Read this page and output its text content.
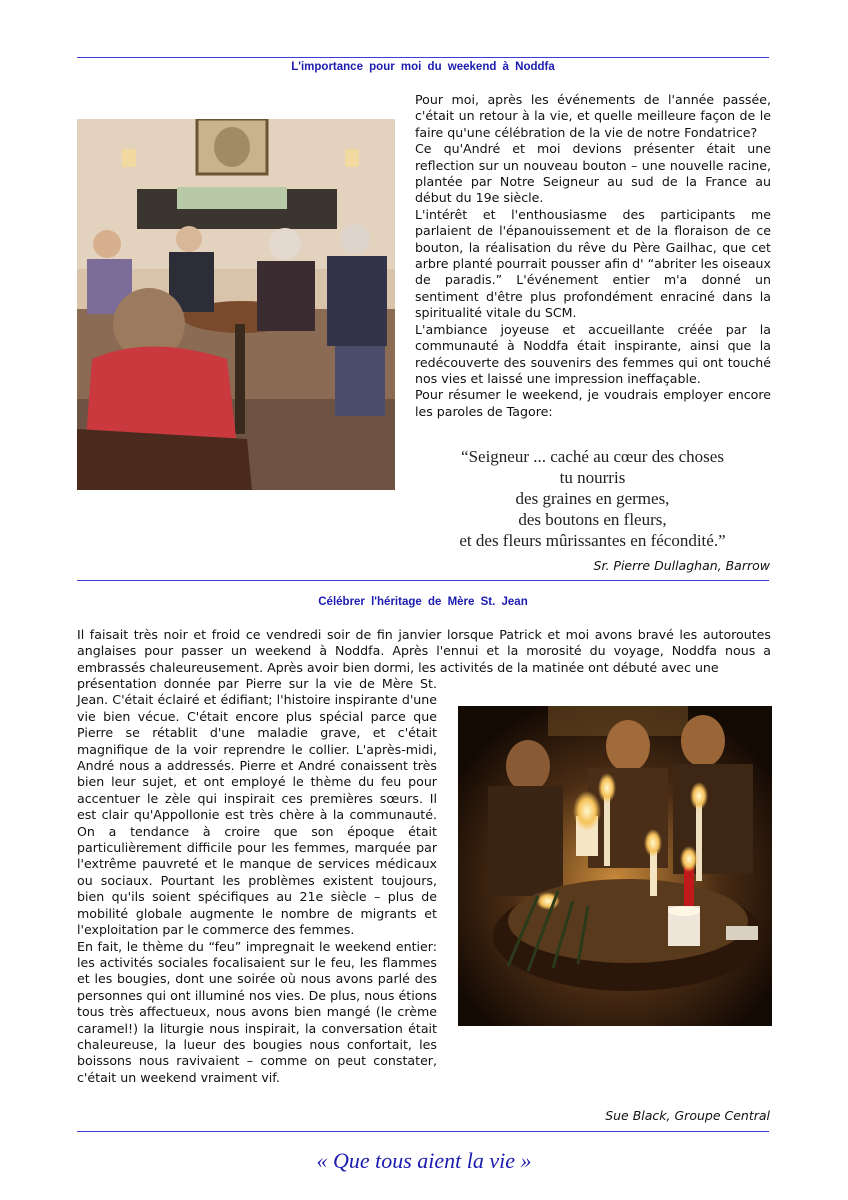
L'importance pour moi du weekend à Noddfa

Pour moi, après les événements de l'année passée, c'était un retour à la vie, et quelle meilleure façon de le faire qu'une célébration de la vie de notre Fondatrice?

Ce qu'André et moi devions présenter était une reflection sur un nouveau bouton – une nouvelle racine, plantée par Notre Seigneur au sud de la France au début du 19e siècle.

L'intérêt et l'enthousiasme des participants me parlaient de l'épanouissement et de la floraison de ce bouton, la réalisation du rêve du Père Gailhac, que cet arbre planté pourrait pousser afin d' “abriter les oiseaux de paradis.” L'événement entier m'a donné un sentiment d'être plus profondément enraciné dans la spiritualité vitale du SCM.

L'ambiance joyeuse et accueillante créée par la communauté à Noddfa était inspirante, ainsi que la redécouverte des souvenirs des femmes qui ont touché nos vies et laissé une impression ineffaçable.

Pour résumer le weekend, je voudrais employer encore les paroles de Tagore:

“Seigneur ... caché au cœur des choses
tu nourris
des graines en germes,
des boutons en fleurs,
et des fleurs mûrissantes en fécondité.”
Sr. Pierre Dullaghan, Barrow
Célébrer l'héritage de Mère St. Jean
Il faisait très noir et froid ce vendredi soir de fin janvier lorsque Patrick et moi avons bravé les autoroutes anglaises pour passer un weekend à Noddfa. Après l'ennui et la morosité du voyage, Noddfa nous a embrassés chaleureusement. Après avoir bien dormi, les activités de la matinée ont débuté avec une

présentation donnée par Pierre sur la vie de Mère St. Jean. C'était éclairé et édifiant; l'histoire inspirante d'une vie bien vécue. C'était encore plus spécial parce que Pierre se rétablit d'une maladie grave, et c'était magnifique de la voir reprendre le collier. L'après-midi, André nous a addressés. Pierre et André conaissent très bien leur sujet, et ont employé le thème du feu pour accentuer le zèle qui inspirait ces premières sœurs. Il est clair qu'Appollonie est très chère à la communauté. On a tendance à croire que son époque était particulièrement difficile pour les femmes, marquée par l'extrême pauvreté et le manque de services médicaux ou sociaux. Pourtant les problèmes existent toujours, bien qu'ils soient spécifiques au 21e siècle – plus de mobilité globale augmente le nombre de migrants et l'exploitation par le commerce des femmes.

En fait, le thème du “feu” impregnait le weekend entier: les activités sociales focalisaient sur le feu, les flammes et les bougies, dont une soirée où nous avons parlé des personnes qui ont illuminé nos vies. De plus, nous étions tous très affectueux, nous avons bien mangé (le crème caramel!) la liturgie nous inspirait, la conversation était chaleureuse, la lueur des bougies nous confortait, les boissons nous ravivaient – comme on peut constater, c'était un weekend vraiment vif.

Sue Black, Groupe Central
« Que tous aient la vie »
